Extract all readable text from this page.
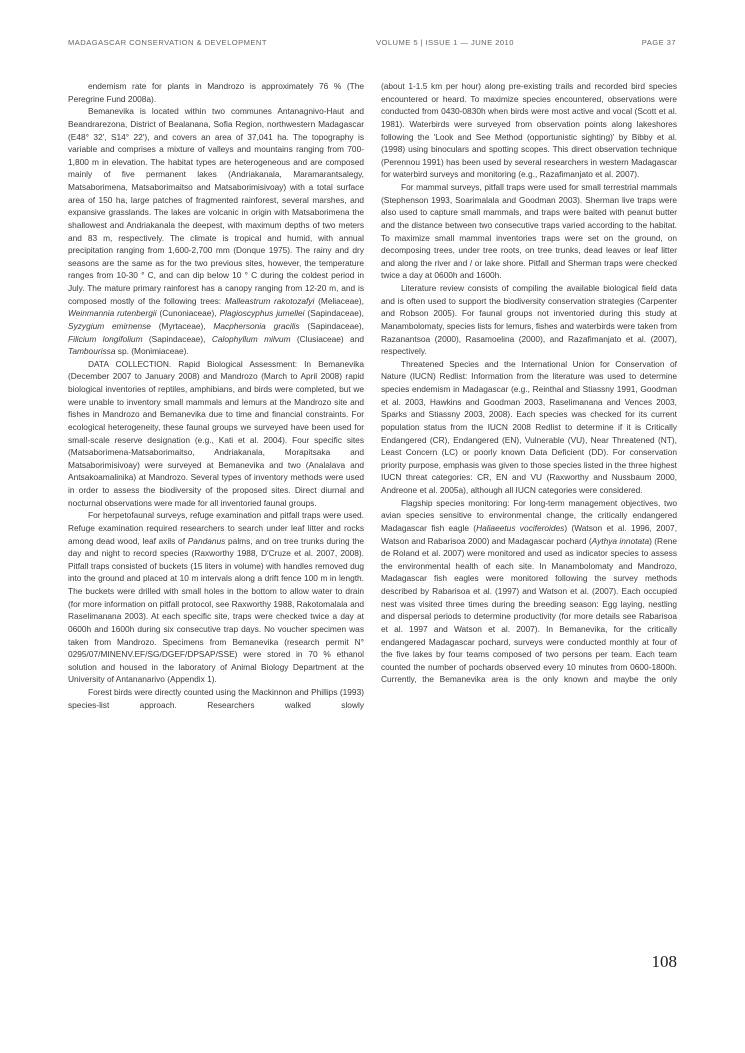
MADAGASCAR CONSERVATION & DEVELOPMENT	VOLUME 5 | ISSUE 1 — JUNE 2010	PAGE 37

endemism rate for plants in Mandrozo is approximately 76 % (The Peregrine Fund 2008a).

Bemanevika is located within two communes Antanagnivo-Haut and Beandrarezona, District of Bealanana, Sofia Region, northwestern Madagascar (E48° 32', S14° 22'), and covers an area of 37,041 ha. The topography is variable and comprises a mixture of valleys and mountains ranging from 700-1,800 m in elevation. The habitat types are heterogeneous and are composed mainly of five permanent lakes (Andriakanala, Maramarantsalegy, Matsaborimena, Matsaborimaitso and Matsaborimisivoay) with a total surface area of 150 ha, large patches of fragmented rainforest, several marshes, and expansive grasslands. The lakes are volcanic in origin with Matsaborimena the shallowest and Andriakanala the deepest, with maximum depths of two meters and 83 m, respectively. The climate is tropical and humid, with annual precipitation ranging from 1,600-2,700 mm (Donque 1975). The rainy and dry seasons are the same as for the two previous sites, however, the temperature ranges from 10-30 ° C, and can dip below 10 ° C during the coldest period in July. The mature primary rainforest has a canopy ranging from 12-20 m, and is composed mostly of the following trees: Malleastrum rakotozafyi (Meliaceae), Weinmannia rutenbergii (Cunoniaceae), Plagioscyphus jumellei (Sapindaceae), Syzygium emirnense (Myrtaceae), Macphersonia gracilis (Sapindaceae), Filicium longifolium (Sapindaceae), Calophyllum milvum (Clusiaceae) and Tambourissa sp. (Monimiaceae).

DATA COLLECTION. Rapid Biological Assessment: In Bemanevika (December 2007 to January 2008) and Mandrozo (March to April 2008) rapid biological inventories of reptiles, amphibians, and birds were completed, but we were unable to inventory small mammals and lemurs at the Mandrozo site and fishes in Mandrozo and Bemanevika due to time and financial constraints. For ecological heterogeneity, these faunal groups we surveyed have been used for small-scale reserve designation (e.g., Kati et al. 2004). Four specific sites (Matsaborimena-Matsaborimaitso, Andriakanala, Morapitsaka and Matsaborimisivoay) were surveyed at Bemanevika and two (Analalava and Antsakoamalinika) at Mandrozo. Several types of inventory methods were used in order to assess the biodiversity of the proposed sites. Direct diurnal and nocturnal observations were made for all inventoried faunal groups.

For herpetofaunal surveys, refuge examination and pitfall traps were used. Refuge examination required researchers to search under leaf litter and rocks among dead wood, leaf axils of Pandanus palms, and on tree trunks during the day and night to record species (Raxworthy 1988, D'Cruze et al. 2007, 2008). Pitfall traps consisted of buckets (15 liters in volume) with handles removed dug into the ground and placed at 10 m intervals along a drift fence 100 m in length. The buckets were drilled with small holes in the bottom to allow water to drain (for more information on pitfall protocol, see Raxworthy 1988, Rakotomalala and Raselimanana 2003). At each specific site, traps were checked twice a day at 0600h and 1600h during six consecutive trap days. No voucher specimen was taken from Mandrozo. Specimens from Bemanevika (research permit N° 0295/07/MINENV.EF/SG/DGEF/DPSAP/SSE) were stored in 70 % ethanol solution and housed in the laboratory of Animal Biology Department at the University of Antananarivo (Appendix 1).

Forest birds were directly counted using the Mackinnon and Phillips (1993) species-list approach. Researchers walked slowly

(about 1-1.5 km per hour) along pre-existing trails and recorded bird species encountered or heard. To maximize species encountered, observations were conducted from 0430-0830h when birds were most active and vocal (Scott et al. 1981). Waterbirds were surveyed from observation points along lakeshores following the 'Look and See Method (opportunistic sighting)' by Bibby et al. (1998) using binoculars and spotting scopes. This direct observation technique (Perennou 1991) has been used by several researchers in western Madagascar for waterbird surveys and monitoring (e.g., Razafimanjato et al. 2007).

For mammal surveys, pitfall traps were used for small terrestrial mammals (Stephenson 1993, Soarimalala and Goodman 2003). Sherman live traps were also used to capture small mammals, and traps were baited with peanut butter and the distance between two consecutive traps varied according to the habitat. To maximize small mammal inventories traps were set on the ground, on decomposing trees, under tree roots, on tree trunks, dead leaves or leaf litter and along the river and / or lake shore. Pitfall and Sherman traps were checked twice a day at 0600h and 1600h.

Literature review consists of compiling the available biological field data and is often used to support the biodiversity conservation strategies (Carpenter and Robson 2005). For faunal groups not inventoried during this study at Manambolomaty, species lists for lemurs, fishes and waterbirds were taken from Razanantsoa (2000), Rasamoelina (2000), and Razafimanjato et al. (2007), respectively.

Threatened Species and the International Union for Conservation of Nature (IUCN) Redlist: Information from the literature was used to determine species endemism in Madagascar (e.g., Reinthal and Stiassny 1991, Goodman et al. 2003, Hawkins and Goodman 2003, Raselimanana and Vences 2003, Sparks and Stiassny 2003, 2008). Each species was checked for its current population status from the IUCN 2008 Redlist to determine if it is Critically Endangered (CR), Endangered (EN), Vulnerable (VU), Near Threatened (NT), Least Concern (LC) or poorly known Data Deficient (DD). For conservation priority purpose, emphasis was given to those species listed in the three highest IUCN threat categories: CR, EN and VU (Raxworthy and Nussbaum 2000, Andreone et al. 2005a), although all IUCN categories were considered.

Flagship species monitoring: For long-term management objectives, two avian species sensitive to environmental change, the critically endangered Madagascar fish eagle (Haliaeetus vociferoides) (Watson et al. 1996, 2007, Watson and Rabarisoa 2000) and Madagascar pochard (Aythya innotata) (Rene de Roland et al. 2007) were monitored and used as indicator species to assess the environmental health of each site. In Manambolomaty and Mandrozo, Madagascar fish eagles were monitored following the survey methods described by Rabarisoa et al. (1997) and Watson et al. (2007). Each occupied nest was visited three times during the breeding season: Egg laying, nestling and dispersal periods to determine productivity (for more details see Rabarisoa et al. 1997 and Watson et al. 2007). In Bemanevika, for the critically endangered Madagascar pochard, surveys were conducted monthly at four of the five lakes by four teams composed of two persons per team. Each team counted the number of pochards observed every 10 minutes from 0600-1800h. Currently, the Bemanevika area is the only known and maybe the only

108
